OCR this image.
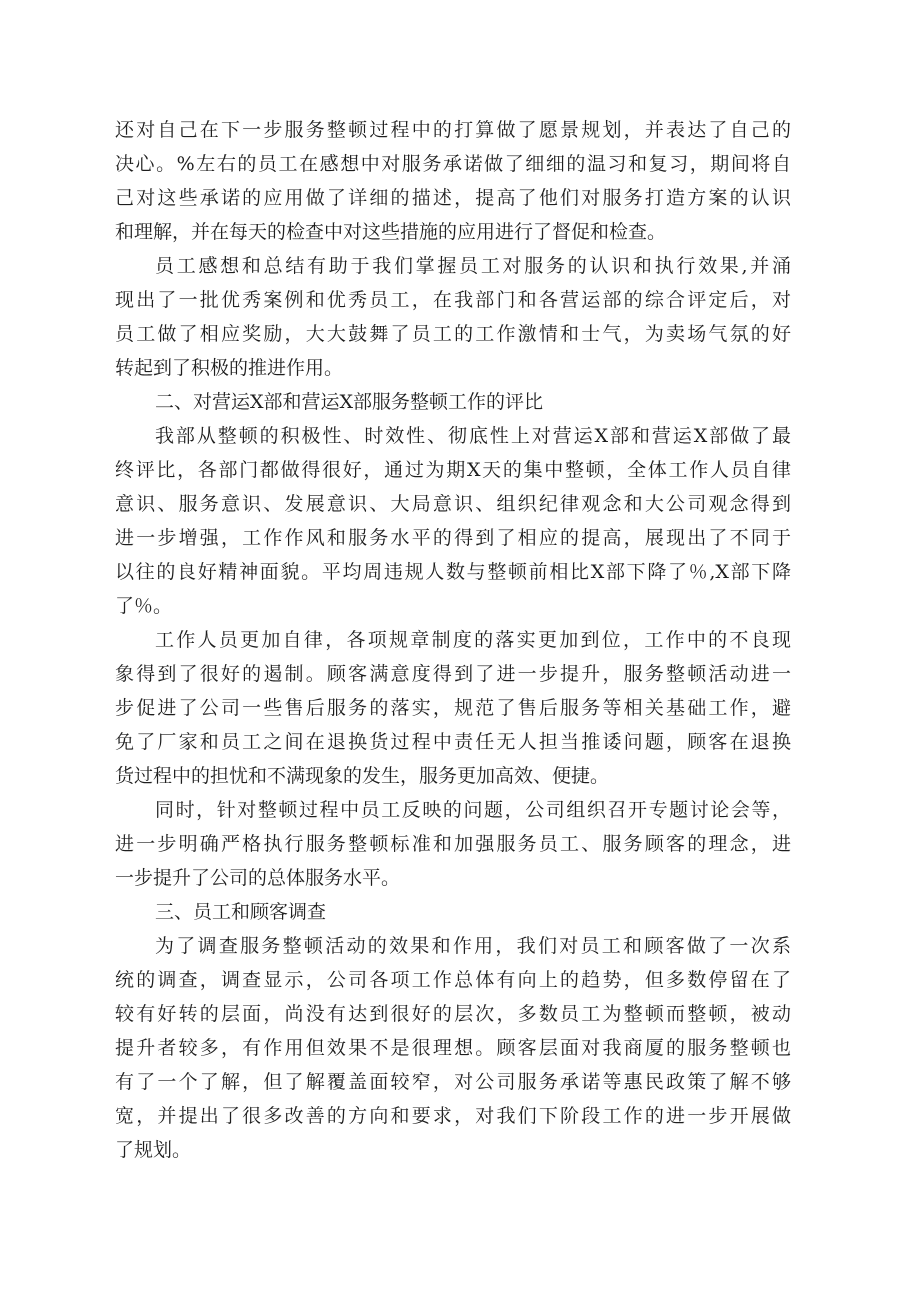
还对自己在下一步服务整顿过程中的打算做了愿景规划，并表达了自己的
决心。%左右的员工在感想中对服务承诺做了细细的温习和复习，期间将自
己对这些承诺的应用做了详细的描述，提高了他们对服务打造方案的认识
和理解，并在每天的检查中对这些措施的应用进行了督促和检查。
员工感想和总结有助于我们掌握员工对服务的认识和执行效果,并涌
现出了一批优秀案例和优秀员工，在我部门和各营运部的综合评定后，对
员工做了相应奖励，大大鼓舞了员工的工作激情和士气，为卖场气氛的好
转起到了积极的推进作用。
二、对营运X部和营运X部服务整顿工作的评比
我部从整顿的积极性、时效性、彻底性上对营运X部和营运X部做了最
终评比，各部门都做得很好，通过为期X天的集中整顿，全体工作人员自律
意识、服务意识、发展意识、大局意识、组织纪律观念和大公司观念得到
进一步增强，工作作风和服务水平的得到了相应的提高，展现出了不同于
以往的良好精神面貌。平均周违规人数与整顿前相比X部下降了％,X部下降
了％。
工作人员更加自律，各项规章制度的落实更加到位，工作中的不良现
象得到了很好的遏制。顾客满意度得到了进一步提升，服务整顿活动进一
步促进了公司一些售后服务的落实，规范了售后服务等相关基础工作，避
免了厂家和员工之间在退换货过程中责任无人担当推诿问题，顾客在退换
货过程中的担忧和不满现象的发生，服务更加高效、便捷。
同时，针对整顿过程中员工反映的问题，公司组织召开专题讨论会等，
进一步明确严格执行服务整顿标准和加强服务员工、服务顾客的理念，进
一步提升了公司的总体服务水平。
三、员工和顾客调查
为了调查服务整顿活动的效果和作用，我们对员工和顾客做了一次系
统的调查，调查显示，公司各项工作总体有向上的趋势，但多数停留在了
较有好转的层面，尚没有达到很好的层次，多数员工为整顿而整顿，被动
提升者较多，有作用但效果不是很理想。顾客层面对我商厦的服务整顿也
有了一个了解，但了解覆盖面较窄，对公司服务承诺等惠民政策了解不够
宽，并提出了很多改善的方向和要求，对我们下阶段工作的进一步开展做
了规划。
